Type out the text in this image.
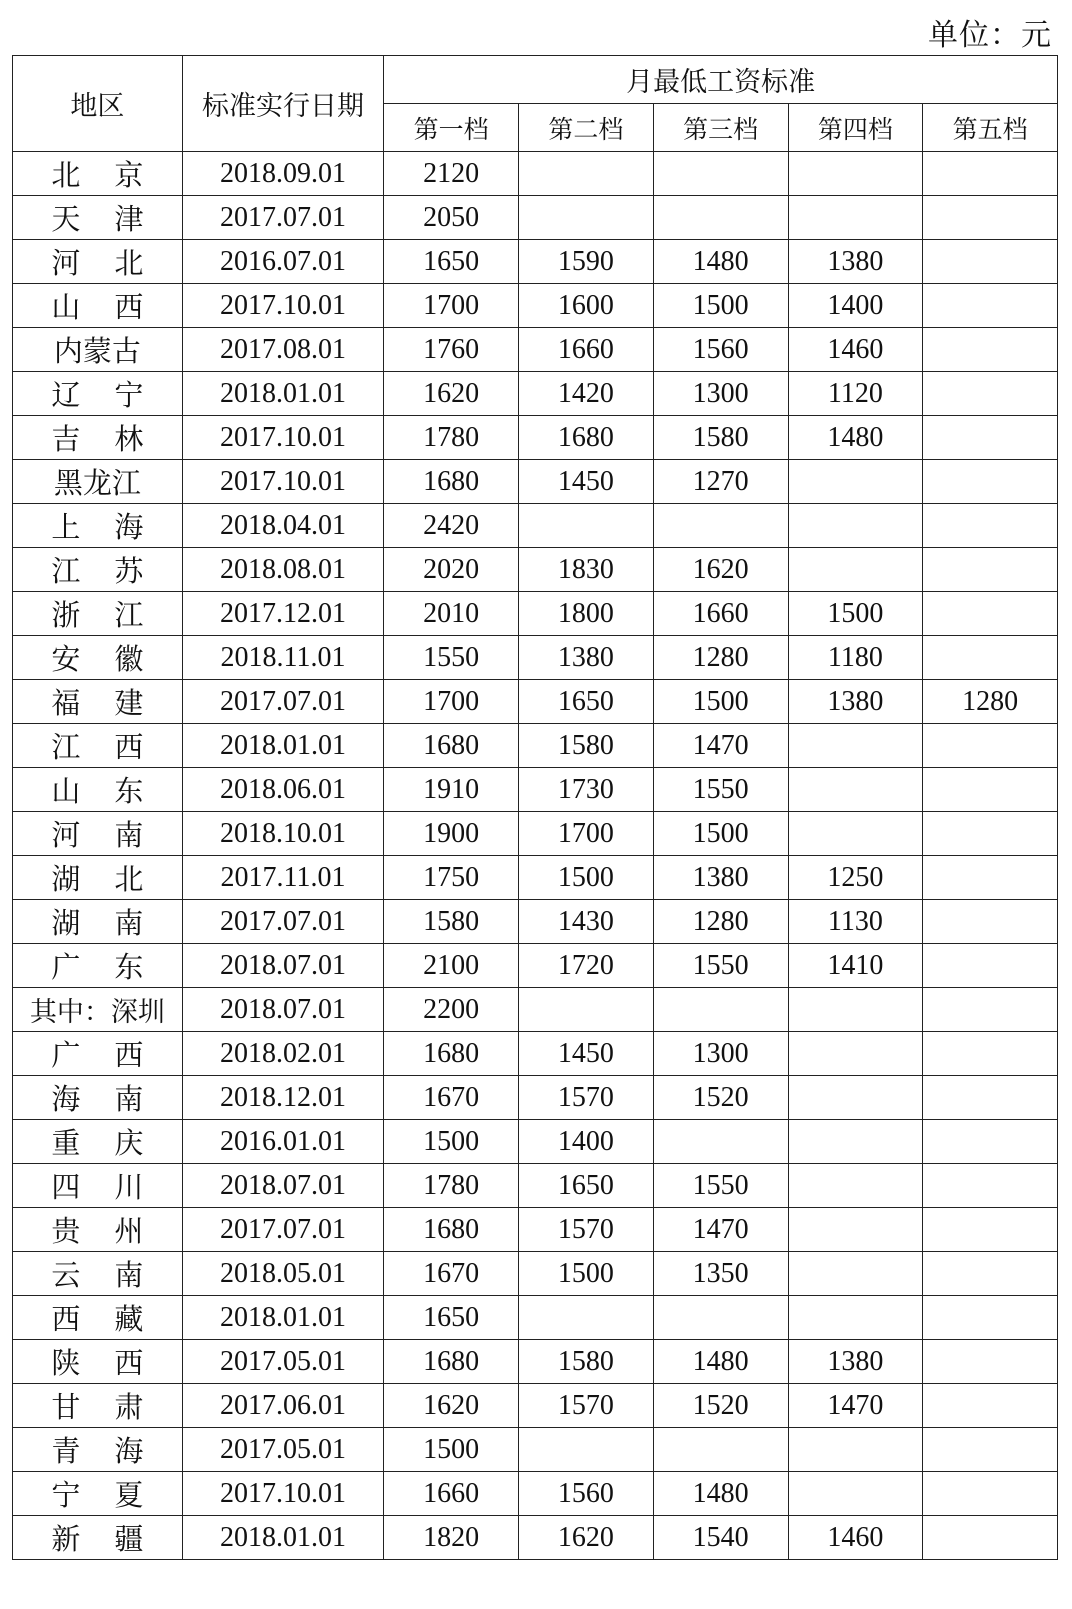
单位：元
地区	标准实行日期	月最低工资标准				
		第一档	第二档	第三档	第四档	第五档
北京	2018.09.01	2120				
天津	2017.07.01	2050				
河北	2016.07.01	1650	1590	1480	1380	
山西	2017.10.01	1700	1600	1500	1400	
内蒙古	2017.08.01	1760	1660	1560	1460	
辽宁	2018.01.01	1620	1420	1300	1120	
吉林	2017.10.01	1780	1680	1580	1480	
黑龙江	2017.10.01	1680	1450	1270		
上海	2018.04.01	2420				
江苏	2018.08.01	2020	1830	1620		
浙江	2017.12.01	2010	1800	1660	1500	
安徽	2018.11.01	1550	1380	1280	1180	
福建	2017.07.01	1700	1650	1500	1380	1280
江西	2018.01.01	1680	1580	1470		
山东	2018.06.01	1910	1730	1550		
河南	2018.10.01	1900	1700	1500		
湖北	2017.11.01	1750	1500	1380	1250	
湖南	2017.07.01	1580	1430	1280	1130	
广东	2018.07.01	2100	1720	1550	1410	
其中：深圳	2018.07.01	2200				
广西	2018.02.01	1680	1450	1300		
海南	2018.12.01	1670	1570	1520		
重庆	2016.01.01	1500	1400			
四川	2018.07.01	1780	1650	1550		
贵州	2017.07.01	1680	1570	1470		
云南	2018.05.01	1670	1500	1350		
西藏	2018.01.01	1650				
陕西	2017.05.01	1680	1580	1480	1380	
甘肃	2017.06.01	1620	1570	1520	1470	
青海	2017.05.01	1500				
宁夏	2017.10.01	1660	1560	1480		
新疆	2018.01.01	1820	1620	1540	1460	
